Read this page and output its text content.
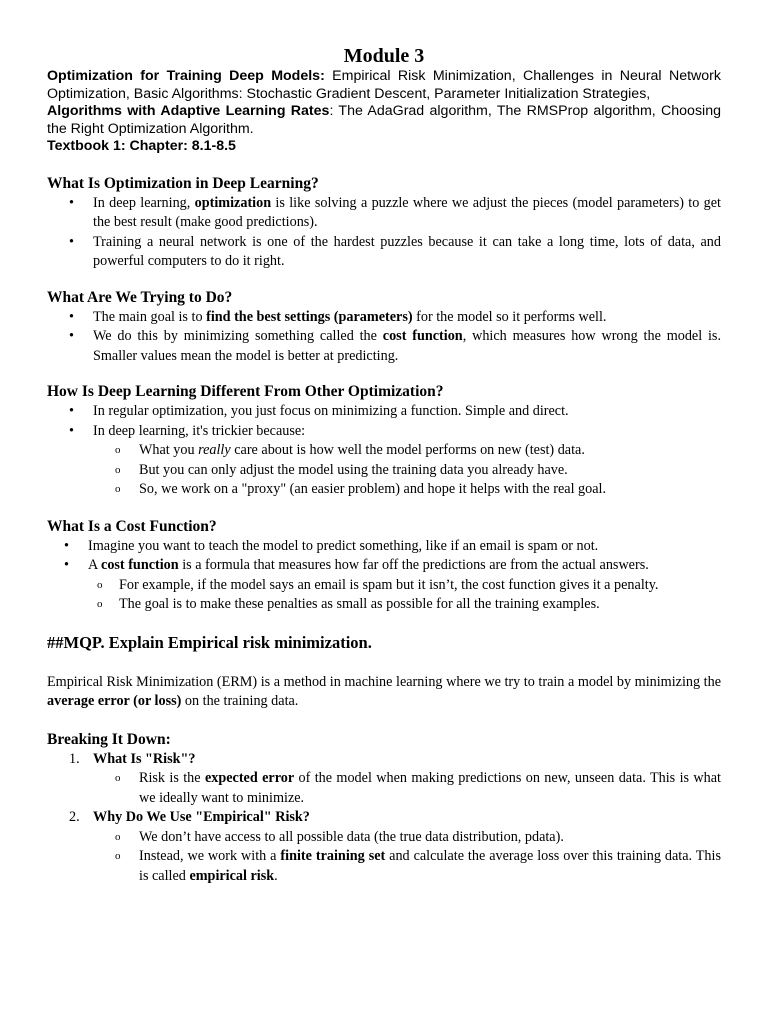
Module 3

Optimization for Training Deep Models: Empirical Risk Minimization, Challenges in Neural Network Optimization, Basic Algorithms: Stochastic Gradient Descent, Parameter Initialization Strategies,

Algorithms with Adaptive Learning Rates: The AdaGrad algorithm, The RMSProp algorithm, Choosing the Right Optimization Algorithm.

Textbook 1: Chapter: 8.1-8.5

What Is Optimization in Deep Learning?
• In deep learning, optimization is like solving a puzzle where we adjust the pieces (model parameters) to get the best result (make good predictions).
• Training a neural network is one of the hardest puzzles because it can take a long time, lots of data, and powerful computers to do it right.
What Are We Trying to Do?
• The main goal is to find the best settings (parameters) for the model so it performs well.
• We do this by minimizing something called the cost function, which measures how wrong the model is. Smaller values mean the model is better at predicting.
How Is Deep Learning Different From Other Optimization?
• In regular optimization, you just focus on minimizing a function. Simple and direct.
• In deep learning, it's trickier because:
o What you really care about is how well the model performs on new (test) data.
o But you can only adjust the model using the training data you already have.
o So, we work on a "proxy" (an easier problem) and hope it helps with the real goal.
What Is a Cost Function?
• Imagine you want to teach the model to predict something, like if an email is spam or not.
• A cost function is a formula that measures how far off the predictions are from the actual answers.
o For example, if the model says an email is spam but it isn’t, the cost function gives it a penalty.
o The goal is to make these penalties as small as possible for all the training examples.
##MQP. Explain Empirical risk minimization.

Empirical Risk Minimization (ERM) is a method in machine learning where we try to train a model by minimizing the average error (or loss) on the training data.

Breaking It Down:
1. What Is "Risk"?
o Risk is the expected error of the model when making predictions on new, unseen data. This is what we ideally want to minimize.
2. Why Do We Use "Empirical" Risk?
o We don’t have access to all possible data (the true data distribution, pdata).
o Instead, we work with a finite training set and calculate the average loss over this training data. This is called empirical risk.
